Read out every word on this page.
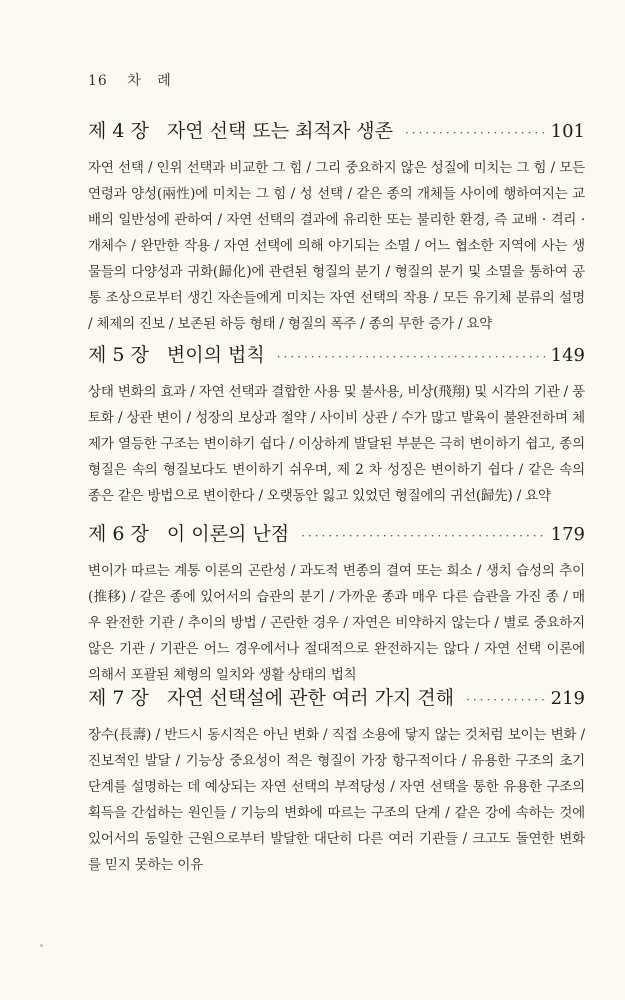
16 차 례
제 4 장 자연 선택 또는 최적자 생존 ·····	101
자연 선택 / 인위 선택과 비교한 그 힘 / 그리 중요하지 않은 성질에 미치는 그 힘 / 모든 연령과 양성(兩性)에 미치는 그 힘 / 성 선택 / 같은 종의 개체들 사이에 행하여지는 교배의 일반성에 관하여 / 자연 선택의 결과에 유리한 또는 불리한 환경, 즉 교배 · 격리 · 개체수 / 완만한 작용 / 자연 선택에 의해 야기되는 소멸 / 어느 협소한 지역에 사는 생물들의 다양성과 귀화(歸化)에 관련된 형질의 분기 / 형질의 분기 및 소멸을 통하여 공통 조상으로부터 생긴 자손들에게 미치는 자연 선택의 작용 / 모든 유기체 분류의 설명 / 체제의 진보 / 보존된 하등 형태 / 형질의 폭주 / 종의 무한 증가 / 요약
제 5 장 변이의 법칙 ·····	149
상태 변화의 효과 / 자연 선택과 결합한 사용 및 불사용, 비상(飛翔) 및 시각의 기관 / 풍토화 / 상관 변이 / 성장의 보상과 절약 / 사이비 상관 / 수가 많고 발육이 불완전하며 체제가 열등한 구조는 변이하기 쉽다 / 이상하게 발달된 부분은 극히 변이하기 쉽고, 종의 형질은 속의 형질보다도 변이하기 쉬우며, 제 2 차 성징은 변이하기 쉽다 / 같은 속의 종은 같은 방법으로 변이한다 / 오랫동안 잃고 있었던 형질에의 귀선(歸先) / 요약
제 6 장 이 이론의 난점 ·····	179
변이가 따르는 계통 이론의 곤란성 / 과도적 변종의 결여 또는 희소 / 생치 습성의 추이(推移) / 같은 종에 있어서의 습관의 분기 / 가까운 종과 매우 다른 습관을 가진 종 / 매우 완전한 기관 / 추이의 방법 / 곤란한 경우 / 자연은 비약하지 않는다 / 별로 중요하지 않은 기관 / 기관은 어느 경우에서나 절대적으로 완전하지는 않다 / 자연 선택 이론에 의해서 포괄된 체형의 일치와 생활 상태의 법칙
제 7 장 자연 선택설에 관한 여러 가지 견해 ·····	219
장수(長壽) / 반드시 동시적은 아닌 변화 / 직접 소용에 닿지 않는 것처럼 보이는 변화 / 진보적인 발달 / 기능상 중요성이 적은 형질이 가장 항구적이다 / 유용한 구조의 초기 단계를 설명하는 데 예상되는 자연 선택의 부적당성 / 자연 선택을 통한 유용한 구조의 획득을 간섭하는 원인들 / 기능의 변화에 따르는 구조의 단계 / 같은 강에 속하는 것에 있어서의 동일한 근원으로부터 발달한 대단히 다른 여러 기관들 / 크고도 돌연한 변화를 믿지 못하는 이유
